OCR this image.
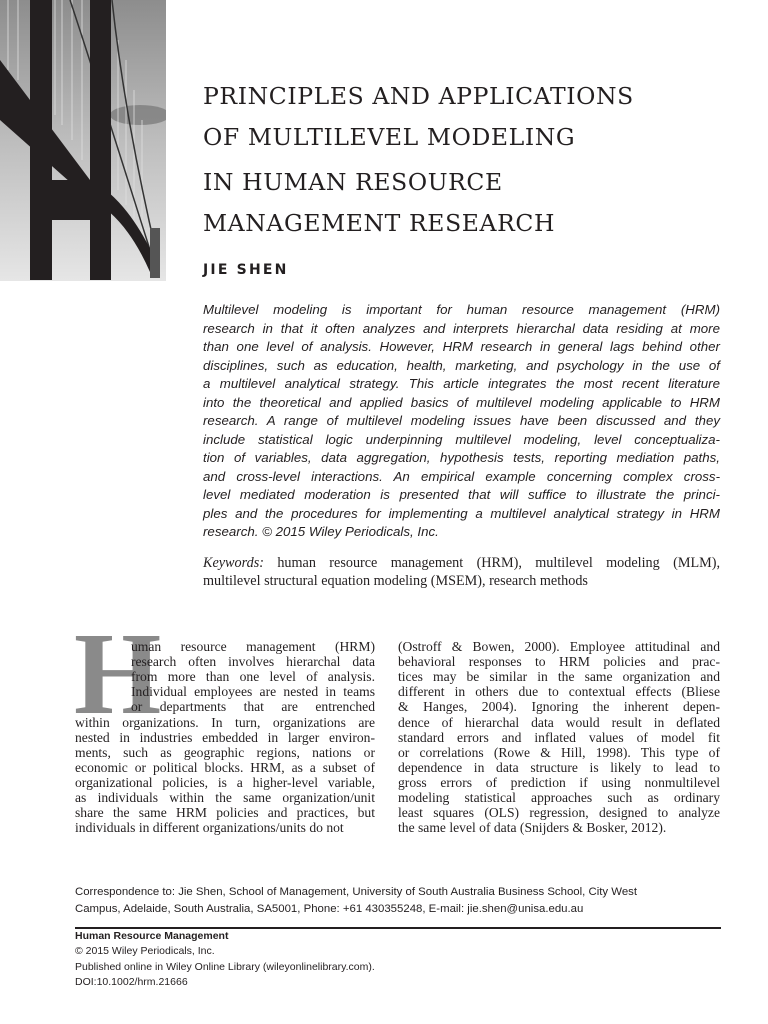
PRINCIPLES AND APPLICATIONS
OF MULTILEVEL MODELING
IN HUMAN RESOURCE
MANAGEMENT RESEARCH
JIE SHEN
Multilevel modeling is important for human resource management (HRM)
research in that it often analyzes and interprets hierarchal data residing at more
than one level of analysis. However, HRM research in general lags behind other
disciplines, such as education, health, marketing, and psychology in the use of
a multilevel analytical strategy. This article integrates the most recent literature
into the theoretical and applied basics of multilevel modeling applicable to HRM
research. A range of multilevel modeling issues have been discussed and they
include statistical logic underpinning multilevel modeling, level conceptualiza-
tion of variables, data aggregation, hypothesis tests, reporting mediation paths,
and cross-level interactions. An empirical example concerning complex cross-
level mediated moderation is presented that will suffice to illustrate the princi-
ples and the procedures for implementing a multilevel analytical strategy in HRM
research. © 2015 Wiley Periodicals, Inc.
Keywords: human resource management (HRM), multilevel modeling (MLM),
multilevel structural equation modeling (MSEM), research methods
H
uman resource management (HRM)
research often involves hierarchal data
from more than one level of analysis.
Individual employees are nested in teams
or departments that are entrenched
within organizations. In turn, organizations are
nested in industries embedded in larger environ-
ments, such as geographic regions, nations or
economic or political blocks. HRM, as a subset of
organizational policies, is a higher-level variable,
as individuals within the same organization/unit
share the same HRM policies and practices, but
individuals in different organizations/units do not
(Ostroff & Bowen, 2000). Employee attitudinal and
behavioral responses to HRM policies and prac-
tices may be similar in the same organization and
different in others due to contextual effects (Bliese
& Hanges, 2004). Ignoring the inherent depen-
dence of hierarchal data would result in deflated
standard errors and inflated values of model fit
or correlations (Rowe & Hill, 1998). This type of
dependence in data structure is likely to lead to
gross errors of prediction if using nonmultilevel
modeling statistical approaches such as ordinary
least squares (OLS) regression, designed to analyze
the same level of data (Snijders & Bosker, 2012).
Correspondence to: Jie Shen, School of Management, University of South Australia Business School, City West
Campus, Adelaide, South Australia, SA5001, Phone: +61 430355248, E-mail: jie.shen@unisa.edu.au
Human Resource Management
© 2015 Wiley Periodicals, Inc.
Published online in Wiley Online Library (wileyonlinelibrary.com).
DOI:10.1002/hrm.21666
